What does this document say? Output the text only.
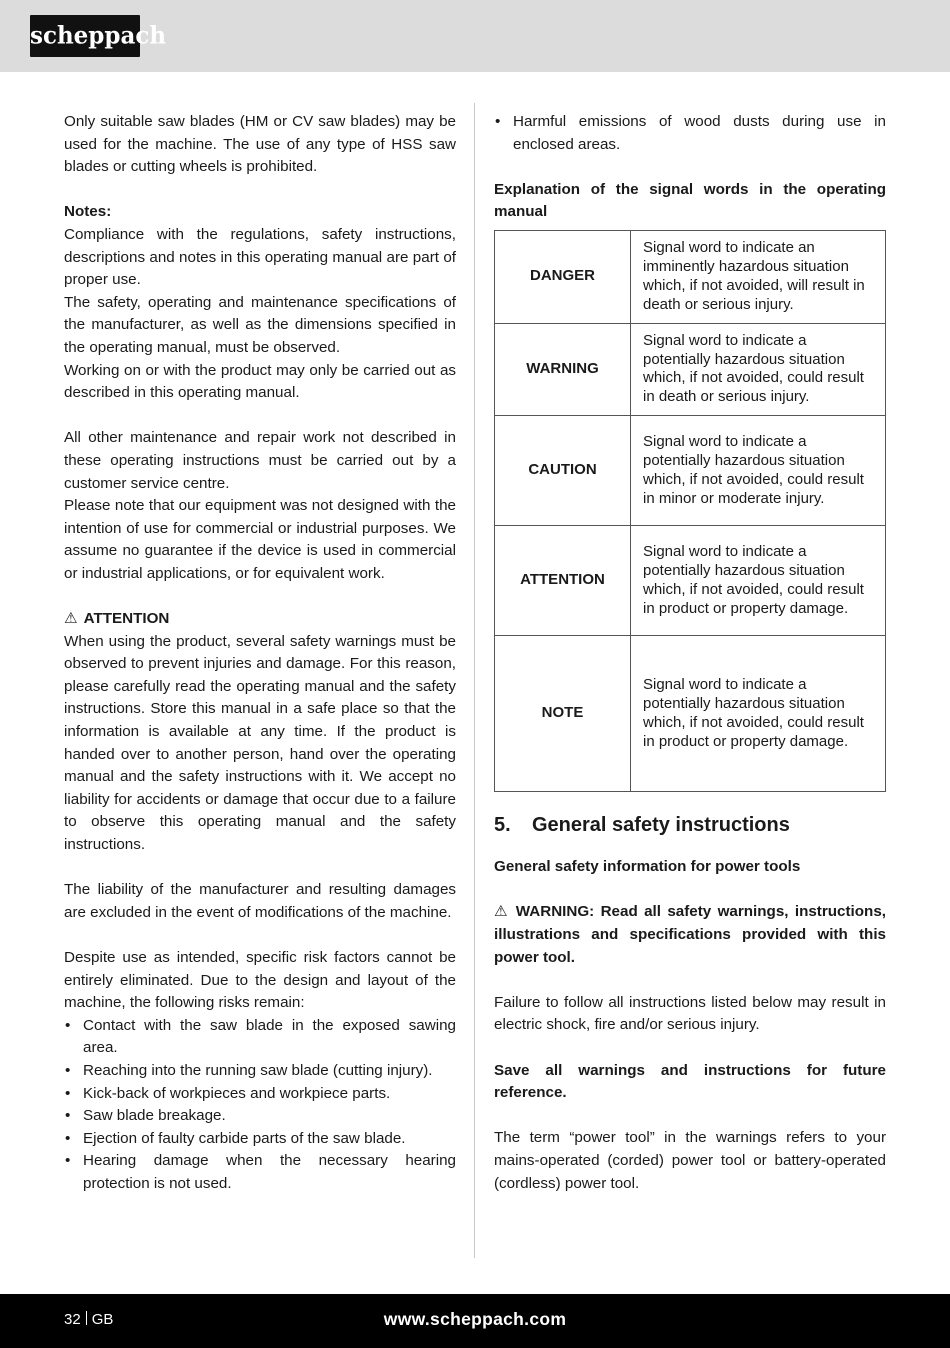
scheppach

Only suitable saw blades (HM or CV saw blades) may be used for the machine. The use of any type of HSS saw blades or cutting wheels is prohibited.

Notes:

Compliance with the regulations, safety instructions, descriptions and notes in this operating manual are part of proper use.

The safety, operating and maintenance specifications of the manufacturer, as well as the dimensions specified in the operating manual, must be observed.

Working on or with the product may only be carried out as described in this operating manual.

All other maintenance and repair work not described in these operating instructions must be carried out by a customer service centre.

Please note that our equipment was not designed with the intention of use for commercial or industrial purposes. We assume no guarantee if the device is used in commercial or industrial applications, or for equivalent work.

⚠ ATTENTION

When using the product, several safety warnings must be observed to prevent injuries and damage. For this reason, please carefully read the operating manual and the safety instructions. Store this manual in a safe place so that the information is available at any time. If the product is handed over to another person, hand over the operating manual and the safety instructions with it. We accept no liability for accidents or damage that occur due to a failure to observe this operating manual and the safety instructions.

The liability of the manufacturer and resulting damages are excluded in the event of modifications of the machine.

Despite use as intended, specific risk factors cannot be entirely eliminated. Due to the design and layout of the machine, the following risks remain:

• Contact with the saw blade in the exposed sawing area.
• Reaching into the running saw blade (cutting injury).
• Kick-back of workpieces and workpiece parts.
• Saw blade breakage.
• Ejection of faulty carbide parts of the saw blade.
• Hearing damage when the necessary hearing protection is not used.
• Harmful emissions of wood dusts during use in enclosed areas.

Explanation of the signal words in the operating manual

DANGER	Signal word to indicate an imminently hazardous situation which, if not avoided, will result in death or serious injury.
WARNING	Signal word to indicate a potentially hazardous situation which, if not avoided, could result in death or serious injury.
CAUTION	Signal word to indicate a potentially hazardous situation which, if not avoided, could result in minor or moderate injury.
ATTENTION	Signal word to indicate a potentially hazardous situation which, if not avoided, could result in product or property damage.
NOTE	Signal word to indicate a potentially hazardous situation which, if not avoided, could result in product or property damage.
5. General safety instructions

General safety information for power tools

⚠ WARNING: Read all safety warnings, instructions, illustrations and specifications provided with this power tool.

Failure to follow all instructions listed below may result in electric shock, fire and/or serious injury.

Save all warnings and instructions for future reference.

The term “power tool” in the warnings refers to your mains-operated (corded) power tool or battery-operated (cordless) power tool.

32 GB	www.scheppach.com
